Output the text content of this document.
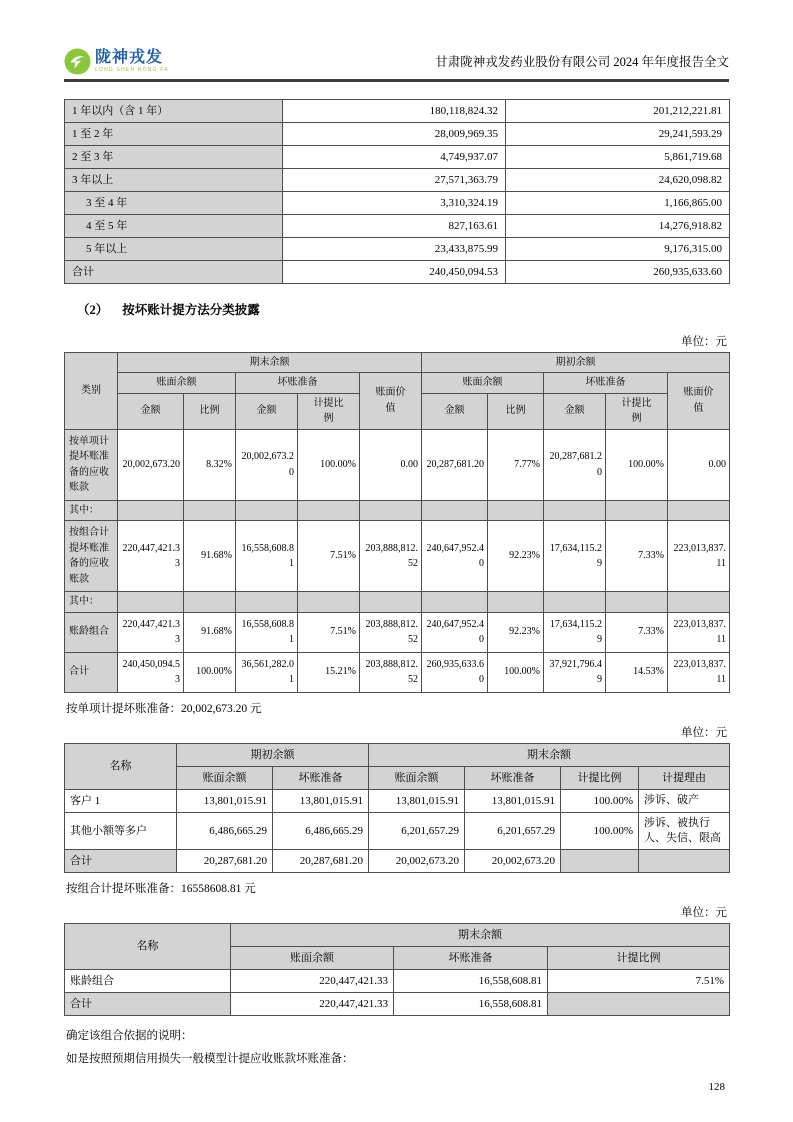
陇神戎发
LONG SHEN RONG FA
甘肃陇神戎发药业股份有限公司 2024 年年度报告全文
1 年以内（含 1 年）	180,118,824.32	201,212,221.81
1 至 2 年	28,009,969.35	29,241,593.29
2 至 3 年	4,749,937.07	5,861,719.68
3 年以上	27,571,363.79	24,620,098.82
3 至 4 年	3,310,324.19	1,166,865.00
4 至 5 年	827,163.61	14,276,918.82
5 年以上	23,433,875.99	9,176,315.00
合计	240,450,094.53	260,935,633.60
（2） 按坏账计提方法分类披露
单位：元
类别	期末余额					期初余额				
	账面余额		坏账准备		账面价值	账面余额		坏账准备		账面价值
	金额	比例	金额	计提比例		金额	比例	金额	计提比例	
按单项计提坏账准备的应收账款	20,002,673.20	8.32%	20,002,673.20	100.00%	0.00	20,287,681.20	7.77%	20,287,681.20	100.00%	0.00
其中：										
按组合计提坏账准备的应收账款	220,447,421.33	91.68%	16,558,608.81	7.51%	203,888,812.52	240,647,952.40	92.23%	17,634,115.29	7.33%	223,013,837.11
其中：										
账龄组合	220,447,421.33	91.68%	16,558,608.81	7.51%	203,888,812.52	240,647,952.40	92.23%	17,634,115.29	7.33%	223,013,837.11
合计	240,450,094.53	100.00%	36,561,282.01	15.21%	203,888,812.52	260,935,633.60	100.00%	37,921,796.49	14.53%	223,013,837.11
按单项计提坏账准备：20,002,673.20 元
单位：元
名称	期初余额		期末余额			
	账面余额	坏账准备	账面余额	坏账准备	计提比例	计提理由
客户 1	13,801,015.91	13,801,015.91	13,801,015.91	13,801,015.91	100.00%	涉诉、破产
其他小额等多户	6,486,665.29	6,486,665.29	6,201,657.29	6,201,657.29	100.00%	涉诉、被执行人、失信、限高
合计	20,287,681.20	20,287,681.20	20,002,673.20	20,002,673.20		
按组合计提坏账准备：16558608.81 元
单位：元
名称	期末余额		
	账面余额	坏账准备	计提比例
账龄组合	220,447,421.33	16,558,608.81	7.51%
合计	220,447,421.33	16,558,608.81	
确定该组合依据的说明：
如是按照预期信用损失一般模型计提应收账款坏账准备：
128
